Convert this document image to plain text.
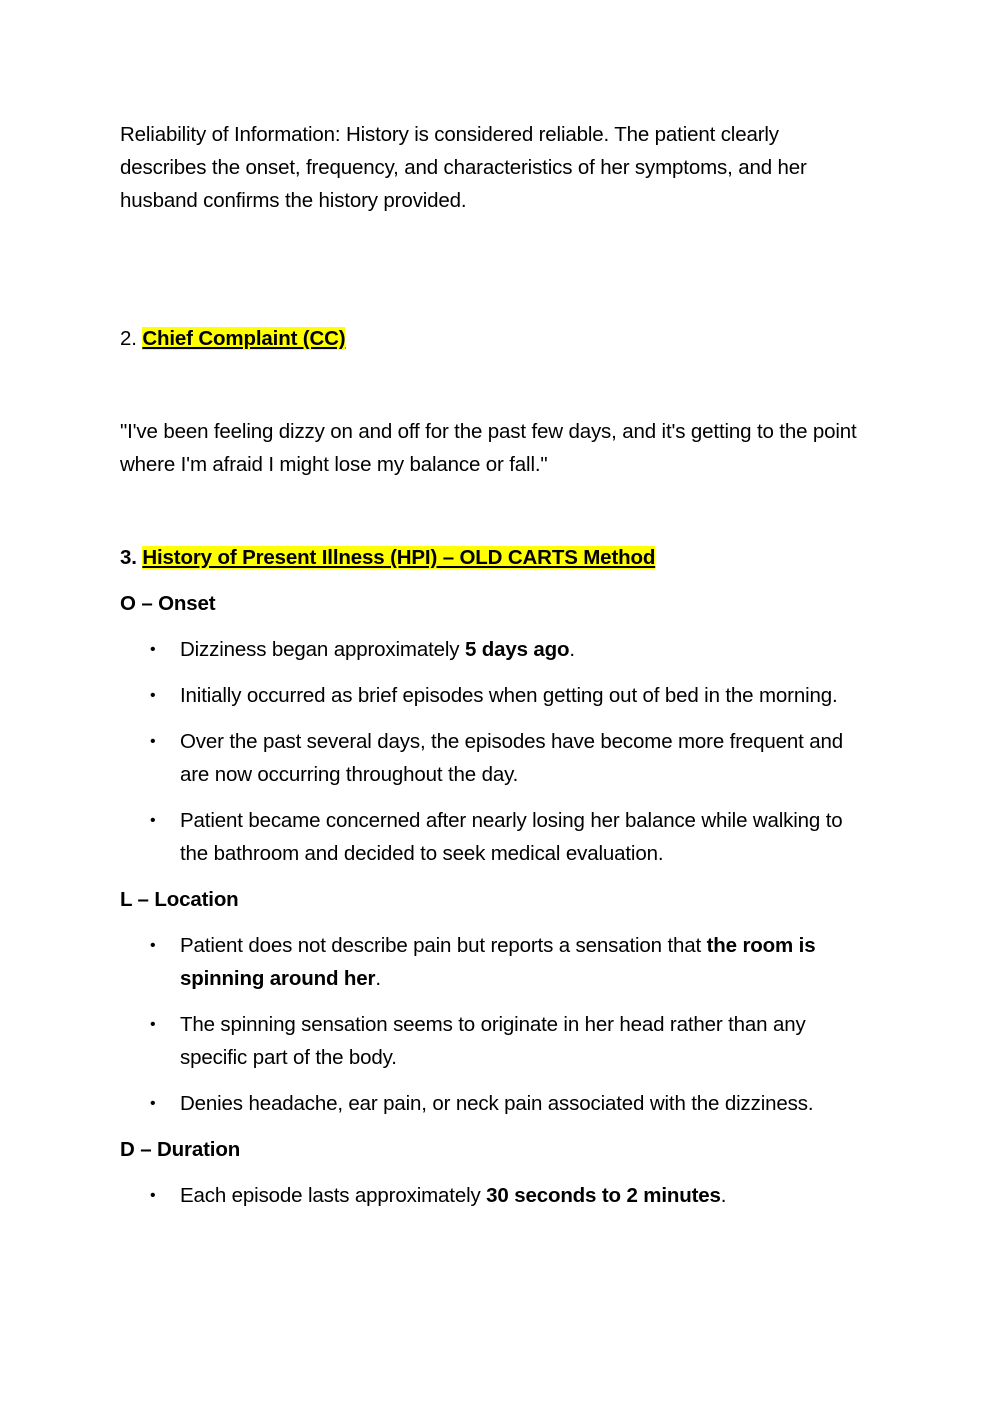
Reliability of Information: History is considered reliable. The patient clearly describes the onset, frequency, and characteristics of her symptoms, and her husband confirms the history provided.

2. Chief Complaint (CC)

"I've been feeling dizzy on and off for the past few days, and it's getting to the point where I'm afraid I might lose my balance or fall."

3. History of Present Illness (HPI) – OLD CARTS Method

O – Onset

• Dizziness began approximately 5 days ago.
• Initially occurred as brief episodes when getting out of bed in the morning.
• Over the past several days, the episodes have become more frequent and are now occurring throughout the day.
• Patient became concerned after nearly losing her balance while walking to the bathroom and decided to seek medical evaluation.

L – Location

• Patient does not describe pain but reports a sensation that the room is spinning around her.
• The spinning sensation seems to originate in her head rather than any specific part of the body.
• Denies headache, ear pain, or neck pain associated with the dizziness.

D – Duration

• Each episode lasts approximately 30 seconds to 2 minutes.
